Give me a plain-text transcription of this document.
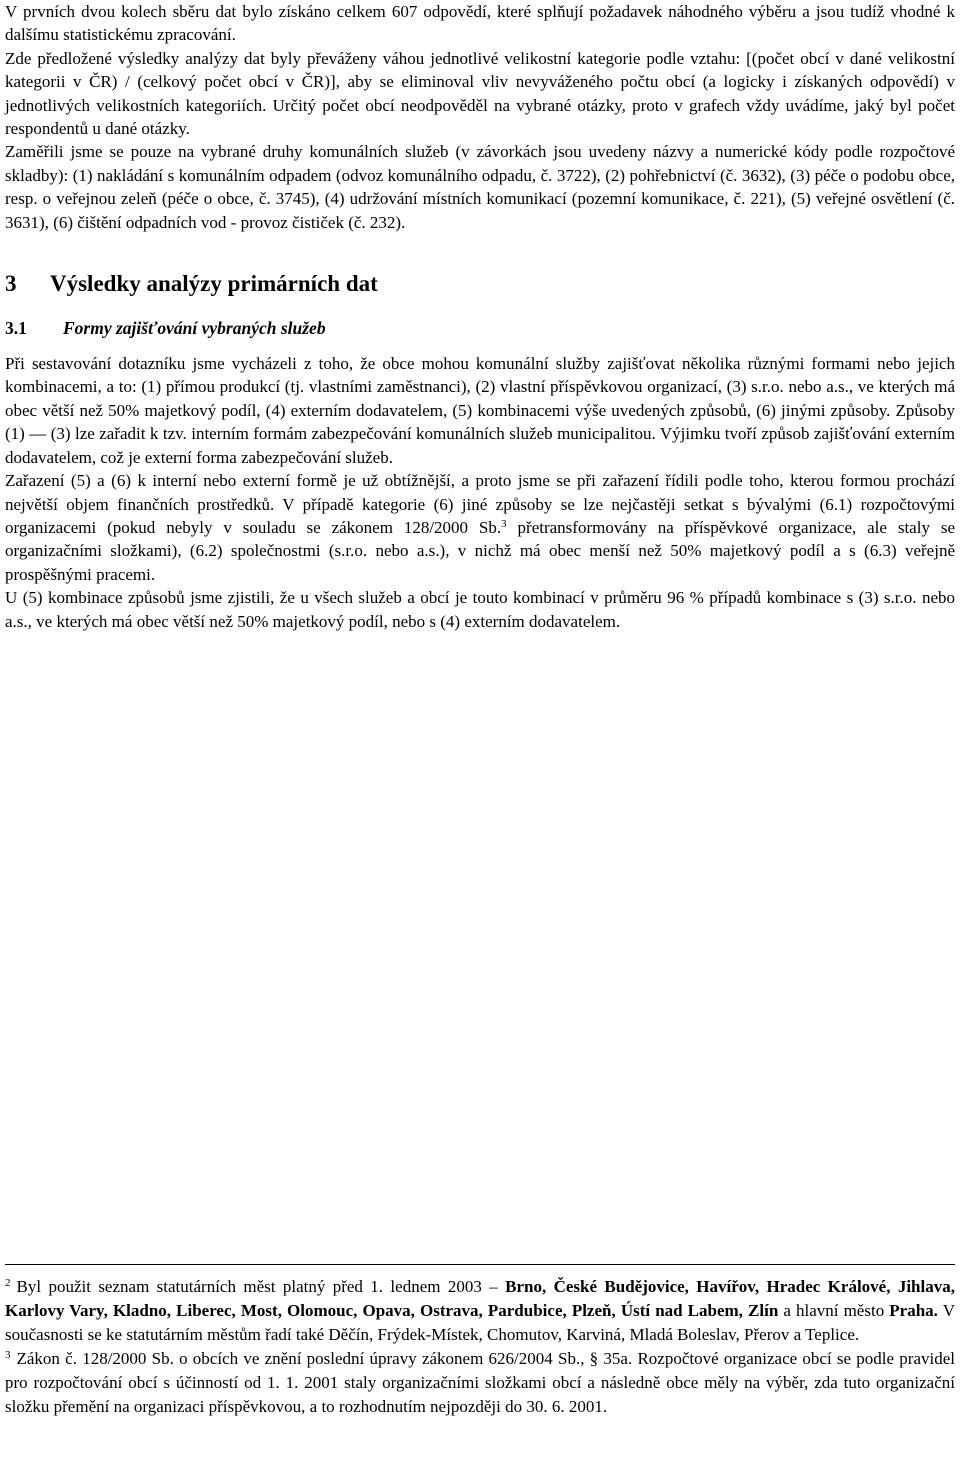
V prvních dvou kolech sběru dat bylo získáno celkem 607 odpovědí, které splňují požadavek náhodného výběru a jsou tudíž vhodné k dalšímu statistickému zpracování.

Zde předložené výsledky analýzy dat byly převáženy váhou jednotlivé velikostní kategorie podle vztahu: [(počet obcí v dané velikostní kategorii v ČR) / (celkový počet obcí v ČR)], aby se eliminoval vliv nevyváženého počtu obcí (a logicky i získaných odpovědí) v jednotlivých velikostních kategoriích. Určitý počet obcí neodpověděl na vybrané otázky, proto v grafech vždy uvádíme, jaký byl počet respondentů u dané otázky.

Zaměřili jsme se pouze na vybrané druhy komunálních služeb (v závorkách jsou uvedeny názvy a numerické kódy podle rozpočtové skladby): (1) nakládání s komunálním odpadem (odvoz komunálního odpadu, č. 3722), (2) pohřebnictví (č. 3632), (3) péče o podobu obce, resp. o veřejnou zeleň (péče o obce, č. 3745), (4) udržování místních komunikací (pozemní komunikace, č. 221), (5) veřejné osvětlení (č. 3631), (6) čištění odpadních vod - provoz čističek (č. 232).

3 Výsledky analýzy primárních dat
3.1 Formy zajišťování vybraných služeb

Při sestavování dotazníku jsme vycházeli z toho, že obce mohou komunální služby zajišťovat několika různými formami nebo jejich kombinacemi, a to: (1) přímou produkcí (tj. vlastními zaměstnanci), (2) vlastní příspěvkovou organizací, (3) s.r.o. nebo a.s., ve kterých má obec větší než 50% majetkový podíl, (4) externím dodavatelem, (5) kombinacemi výše uvedených způsobů, (6) jinými způsoby. Způsoby (1) — (3) lze zařadit k tzv. interním formám zabezpečování komunálních služeb municipalitou. Výjimku tvoří způsob zajišťování externím dodavatelem, což je externí forma zabezpečování služeb.

Zařazení (5) a (6) k interní nebo externí formě je už obtížnější, a proto jsme se při zařazení řídili podle toho, kterou formou prochází největší objem finančních prostředků. V případě kategorie (6) jiné způsoby se lze nejčastěji setkat s bývalými (6.1) rozpočtovými organizacemi (pokud nebyly v souladu se zákonem 128/2000 Sb.$^3$ přetransformovány na příspěvkové organizace, ale staly se organizačními složkami), (6.2) společnostmi (s.r.o. nebo a.s.), v nichž má obec menší než 50% majetkový podíl a s (6.3) veřejně prospěšnými pracemi.

U (5) kombinace způsobů jsme zjistili, že u všech služeb a obcí je touto kombinací v průměru 96 % případů kombinace s (3) s.r.o. nebo a.s., ve kterých má obec větší než 50% majetkový podíl, nebo s (4) externím dodavatelem.

$^2$ Byl použit seznam statutárních měst platný před 1. lednem 2003 – Brno, České Budějovice, Havířov, Hradec Králové, Jihlava, Karlovy Vary, Kladno, Liberec, Most, Olomouc, Opava, Ostrava, Pardubice, Plzeň, Ústí nad Labem, Zlín a hlavní město Praha. V současnosti se ke statutárním městům řadí také Děčín, Frýdek-Místek, Chomutov, Karviná, Mladá Boleslav, Přerov a Teplice.

$^3$ Zákon č. 128/2000 Sb. o obcích ve znění poslední úpravy zákonem 626/2004 Sb., § 35a. Rozpočtové organizace obcí se podle pravidel pro rozpočtování obcí s účinností od 1. 1. 2001 staly organizačními složkami obcí a následně obce měly na výběr, zda tuto organizační složku přemění na organizaci příspěvkovou, a to rozhodnutím nejpozději do 30. 6. 2001.
